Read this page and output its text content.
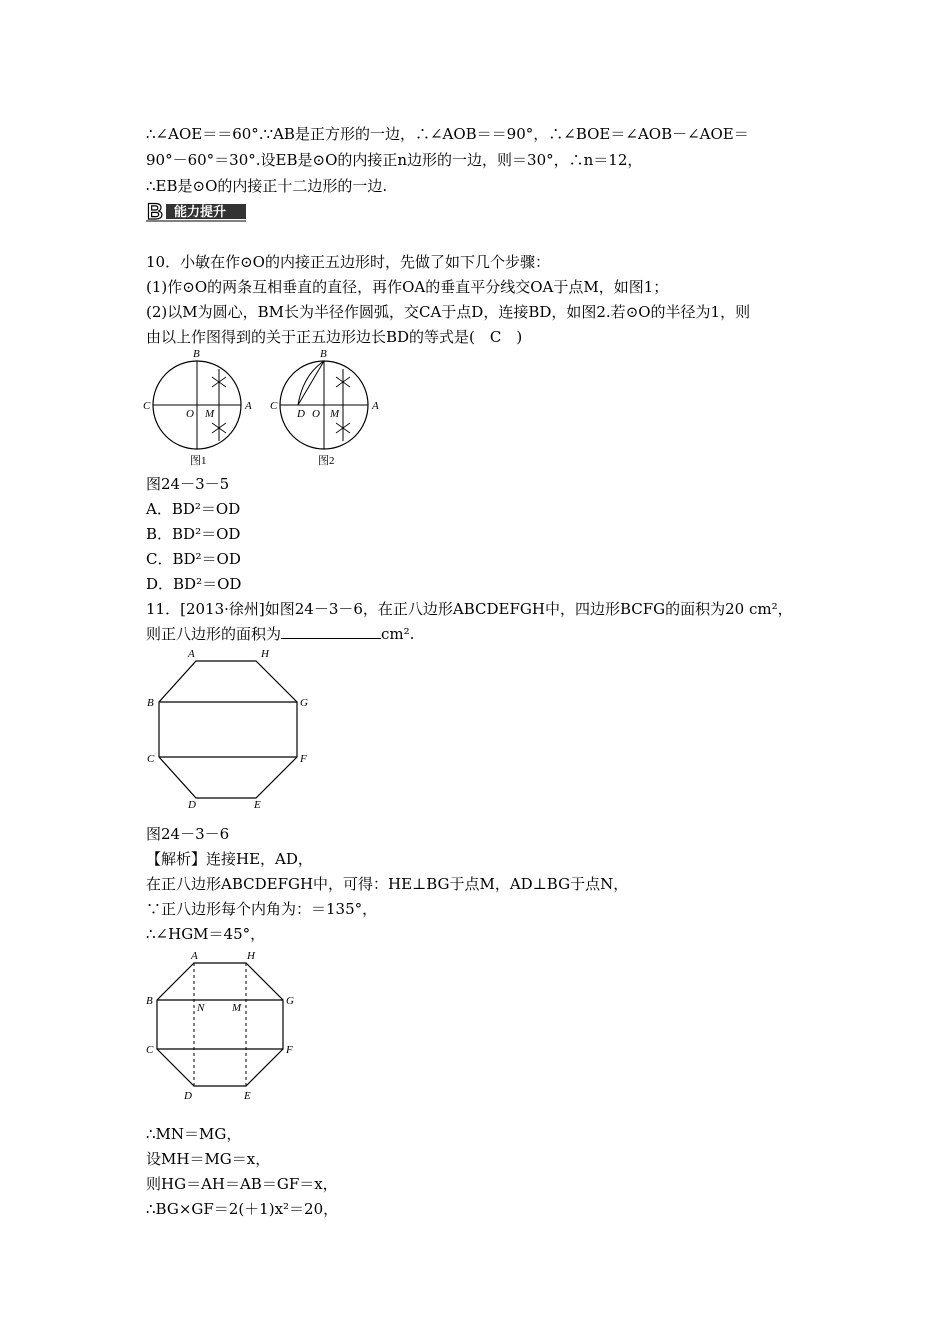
∴∠AOE＝＝60°.∵AB是正方形的一边，∴∠AOB＝＝90°，∴∠BOE＝∠AOB－∠AOE＝
90°－60°＝30°.设EB是⊙O的内接正n边形的一边，则＝30°，∴n＝12，
∴EB是⊙O的内接正十二边形的一边.
B 能力提升
10．小敏在作⊙O的内接正五边形时，先做了如下几个步骤：
(1)作⊙O的两条互相垂直的直径，再作OA的垂直平分线交OA于点M，如图1；
(2)以M为圆心，BM长为半径作圆弧，交CA于点D，连接BD，如图2.若⊙O的半径为1，则
由以上作图得到的关于正五边形边长BD的等式是(　C　)
B
C
O M
A
图1
B
C
D O M
A
图2
图24－3－5
A．BD²＝OD
B．BD²＝OD
C．BD²＝OD
D．BD²＝OD
11．[2013·徐州]如图24－3－6，在正八边形ABCDEFGH中，四边形BCFG的面积为20 cm²，
则正八边形的面积为	cm².
A	H
B	G
C	F
D	E
图24－3－6
【解析】连接HE，AD，
在正八边形ABCDEFGH中，可得：HE⊥BG于点M，AD⊥BG于点N，
∵正八边形每个内角为：＝135°，
∴∠HGM＝45°，
A	H
B	G
N	M
C	F
D	E
∴MN＝MG，
设MH＝MG＝x，
则HG＝AH＝AB＝GF＝x，
∴BG×GF＝2(＋1)x²＝20，
